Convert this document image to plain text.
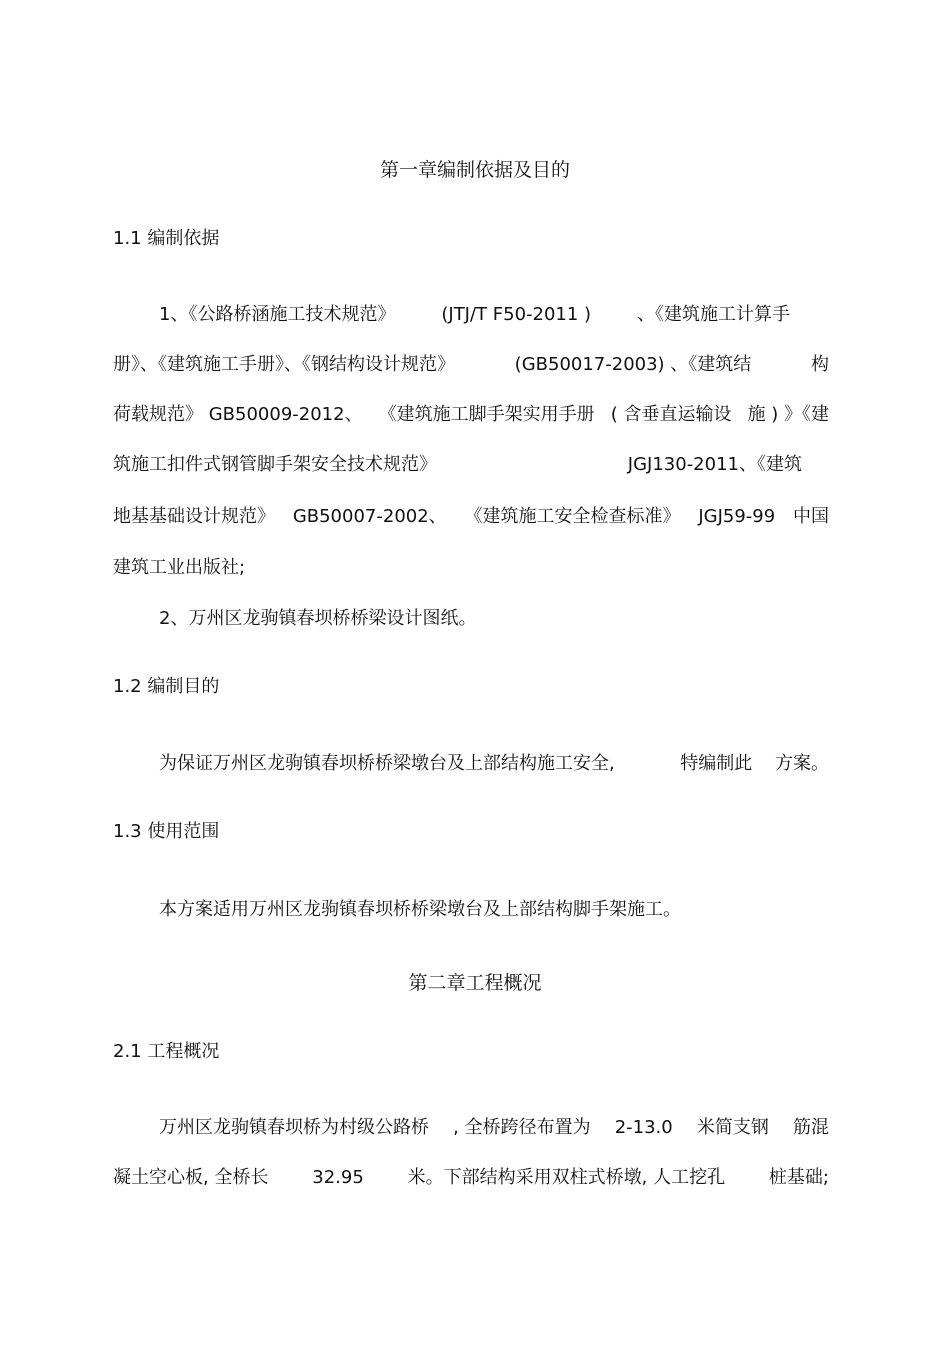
第一章编制依据及目的
1.1 编制依据
1、《公路桥涵施工技术规范》	(JTJ/T F50-2011 )	、《建筑施工计算手
册》、《建筑施工手册》、《钢结构设计规范》	(GB50017-2003) 、《建筑结	构
荷载规范》 GB50009-2012、 《建筑施工脚手架实用手册 ( 含垂直运输设 施 ) 》《建
筑施工扣件式钢管脚手架安全技术规范》	JGJ130-2011、《建筑
地基基础设计规范》 GB50007-2002、 《建筑施工安全检查标准》 JGJ59-99 中国
建筑工业出版社;
2、万州区龙驹镇春坝桥桥梁设计图纸。
1.2 编制目的
为保证万州区龙驹镇春坝桥桥梁墩台及上部结构施工安全,	特编制此 方案。
1.3 使用范围
本方案适用万州区龙驹镇春坝桥桥梁墩台及上部结构脚手架施工。
第二章工程概况
2.1 工程概况
万州区龙驹镇春坝桥为村级公路桥 , 全桥跨径布置为 2-13.0 米简支钢 筋混
凝土空心板, 全桥长 32.95 米。下部结构采用双柱式桥墩, 人工挖孔 桩基础;
